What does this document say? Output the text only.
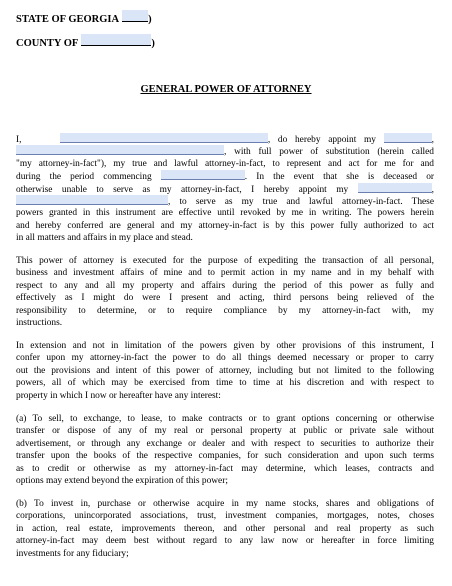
STATE OF GEORGIA	)
COUNTY OF	)
GENERAL POWER OF ATTORNEY
I,	, do hereby appoint my	,
, with full power of substitution (herein called
"my attorney-in-fact"), my true and lawful attorney-in-fact, to represent and act for me for and
during the period commencing	. In the event that she is deceased or
otherwise unable to serve as my attorney-in-fact, I hereby appoint my	,
, to serve as my true and lawful attorney-in-fact. These
powers granted in this instrument are effective until revoked by me in writing. The powers herein
and hereby conferred are general and my attorney-in-fact is by this power fully authorized to act
in all matters and affairs in my place and stead.
This power of attorney is executed for the purpose of expediting the transaction of all personal,
business and investment affairs of mine and to permit action in my name and in my behalf with
respect to any and all my property and affairs during the period of this power as fully and
effectively as I might do were I present and acting, third persons being relieved of the
responsibility to determine, or to require compliance by my attorney-in-fact with, my
instructions.
In extension and not in limitation of the powers given by other provisions of this instrument, I
confer upon my attorney-in-fact the power to do all things deemed necessary or proper to carry
out the provisions and intent of this power of attorney, including but not limited to the following
powers, all of which may be exercised from time to time at his discretion and with respect to
property in which I now or hereafter have any interest:
(a) To sell, to exchange, to lease, to make contracts or to grant options concerning or otherwise
transfer or dispose of any of my real or personal property at public or private sale without
advertisement, or through any exchange or dealer and with respect to securities to authorize their
transfer upon the books of the respective companies, for such consideration and upon such terms
as to credit or otherwise as my attorney-in-fact may determine, which leases, contracts and
options may extend beyond the expiration of this power;
(b) To invest in, purchase or otherwise acquire in my name stocks, shares and obligations of
corporations, unincorporated associations, trust, investment companies, mortgages, notes, choses
in action, real estate, improvements thereon, and other personal and real property as such
attorney-in-fact may deem best without regard to any law now or hereafter in force limiting
investments for any fiduciary;
